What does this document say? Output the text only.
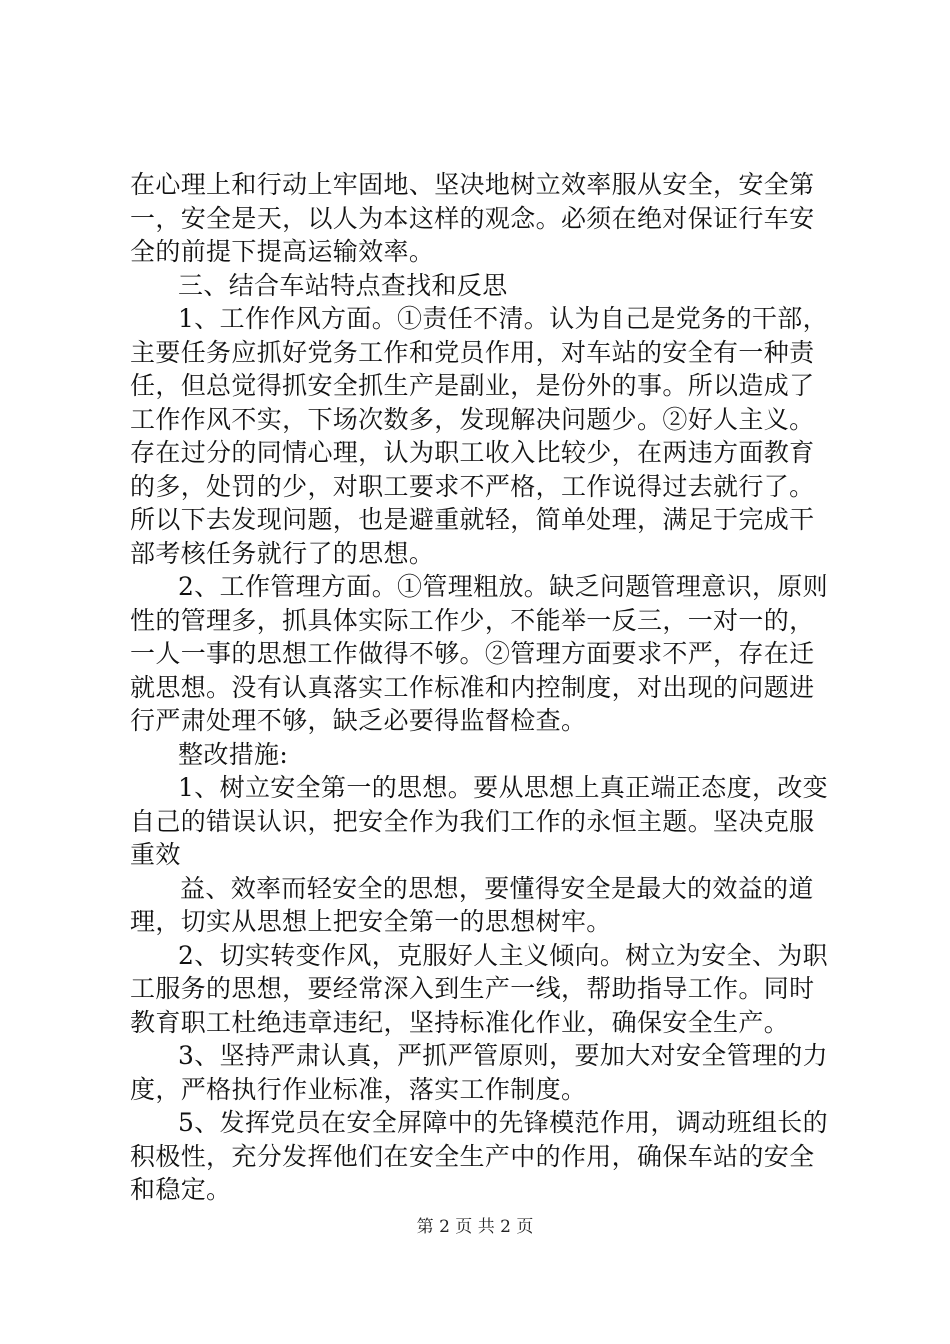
在心理上和行动上牢固地、坚决地树立效率服从安全，安全第
一，安全是天，以人为本这样的观念。必须在绝对保证行车安
全的前提下提高运输效率。
三、结合车站特点查找和反思
1、工作作风方面。①责任不清。认为自己是党务的干部，
主要任务应抓好党务工作和党员作用，对车站的安全有一种责
任，但总觉得抓安全抓生产是副业，是份外的事。所以造成了
工作作风不实，下场次数多，发现解决问题少。②好人主义。
存在过分的同情心理，认为职工收入比较少，在两违方面教育
的多，处罚的少，对职工要求不严格，工作说得过去就行了。
所以下去发现问题，也是避重就轻，简单处理，满足于完成干
部考核任务就行了的思想。
2、工作管理方面。①管理粗放。缺乏问题管理意识，原则
性的管理多，抓具体实际工作少，不能举一反三，一对一的，
一人一事的思想工作做得不够。②管理方面要求不严，存在迁
就思想。没有认真落实工作标准和内控制度，对出现的问题进
行严肃处理不够，缺乏必要得监督检查。
整改措施:
1、树立安全第一的思想。要从思想上真正端正态度，改变
自己的错误认识，把安全作为我们工作的永恒主题。坚决克服
重效
益、效率而轻安全的思想，要懂得安全是最大的效益的道
理，切实从思想上把安全第一的思想树牢。
2、切实转变作风，克服好人主义倾向。树立为安全、为职
工服务的思想，要经常深入到生产一线，帮助指导工作。同时
教育职工杜绝违章违纪，坚持标准化作业，确保安全生产。
3、坚持严肃认真，严抓严管原则，要加大对安全管理的力
度，严格执行作业标准，落实工作制度。
5、发挥党员在安全屏障中的先锋模范作用，调动班组长的
积极性，充分发挥他们在安全生产中的作用，确保车站的安全
和稳定。
第 2 页 共 2 页
